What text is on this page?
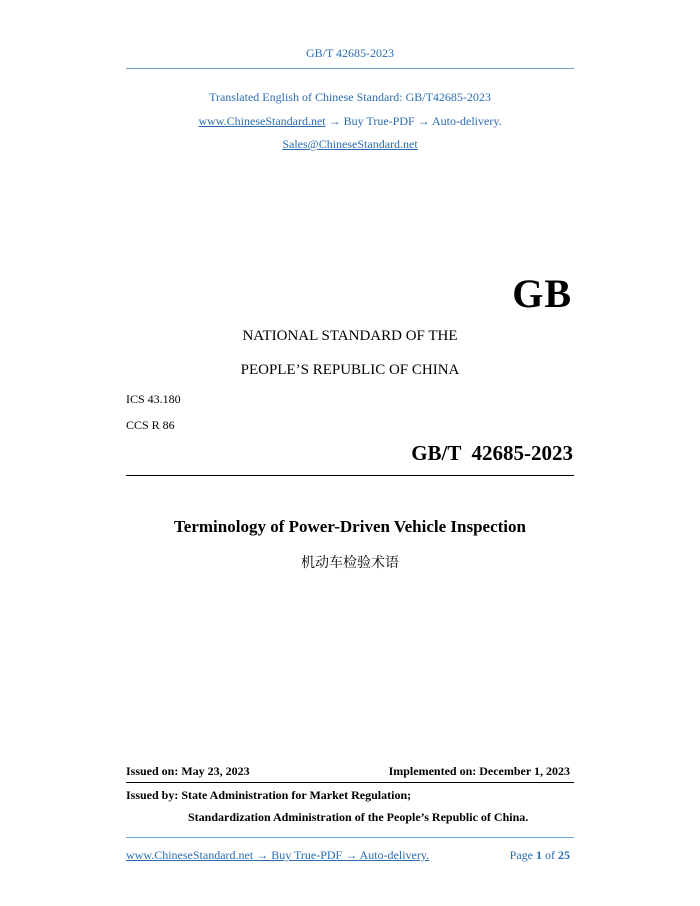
GB/T 42685-2023
Translated English of Chinese Standard: GB/T42685-2023
www.ChineseStandard.net → Buy True-PDF → Auto-delivery.
Sales@ChineseStandard.net
GB
NATIONAL STANDARD OF THE
PEOPLE’S REPUBLIC OF CHINA
ICS 43.180
CCS R 86
GB/T  42685-2023
Terminology of Power-Driven Vehicle Inspection
机动车检验术语
Issued on: May 23, 2023	Implemented on: December 1, 2023
Issued by: State Administration for Market Regulation;
Standardization Administration of the People’s Republic of China.
www.ChineseStandard.net → Buy True-PDF → Auto-delivery.	Page 1 of 25
